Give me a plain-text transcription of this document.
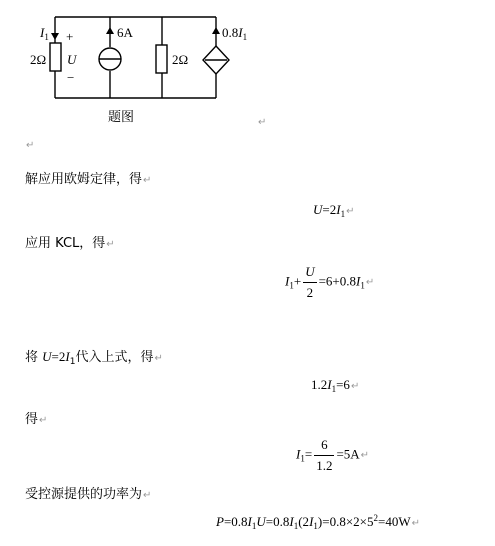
$I_1$ +
2Ω U
−
6A
2Ω
$0.8I_1$
题图	↵
↵
解应用欧姆定律，得↵
$U=2I_1↵$
应用 KCL，得↵
$I_1+ \frac{U}{2}$ $=6+0.8I_1↵$
将 $U=2I_1$代入上式，得↵
$1.2I_1=6↵$
得↵
$I_1= \frac{6}{1.2}$ =5A↵
受控源提供的功率为↵
$P=0.8I_1U=0.8I_1(2I_1)=0.8\times 2\times 5^2=40W↵$
